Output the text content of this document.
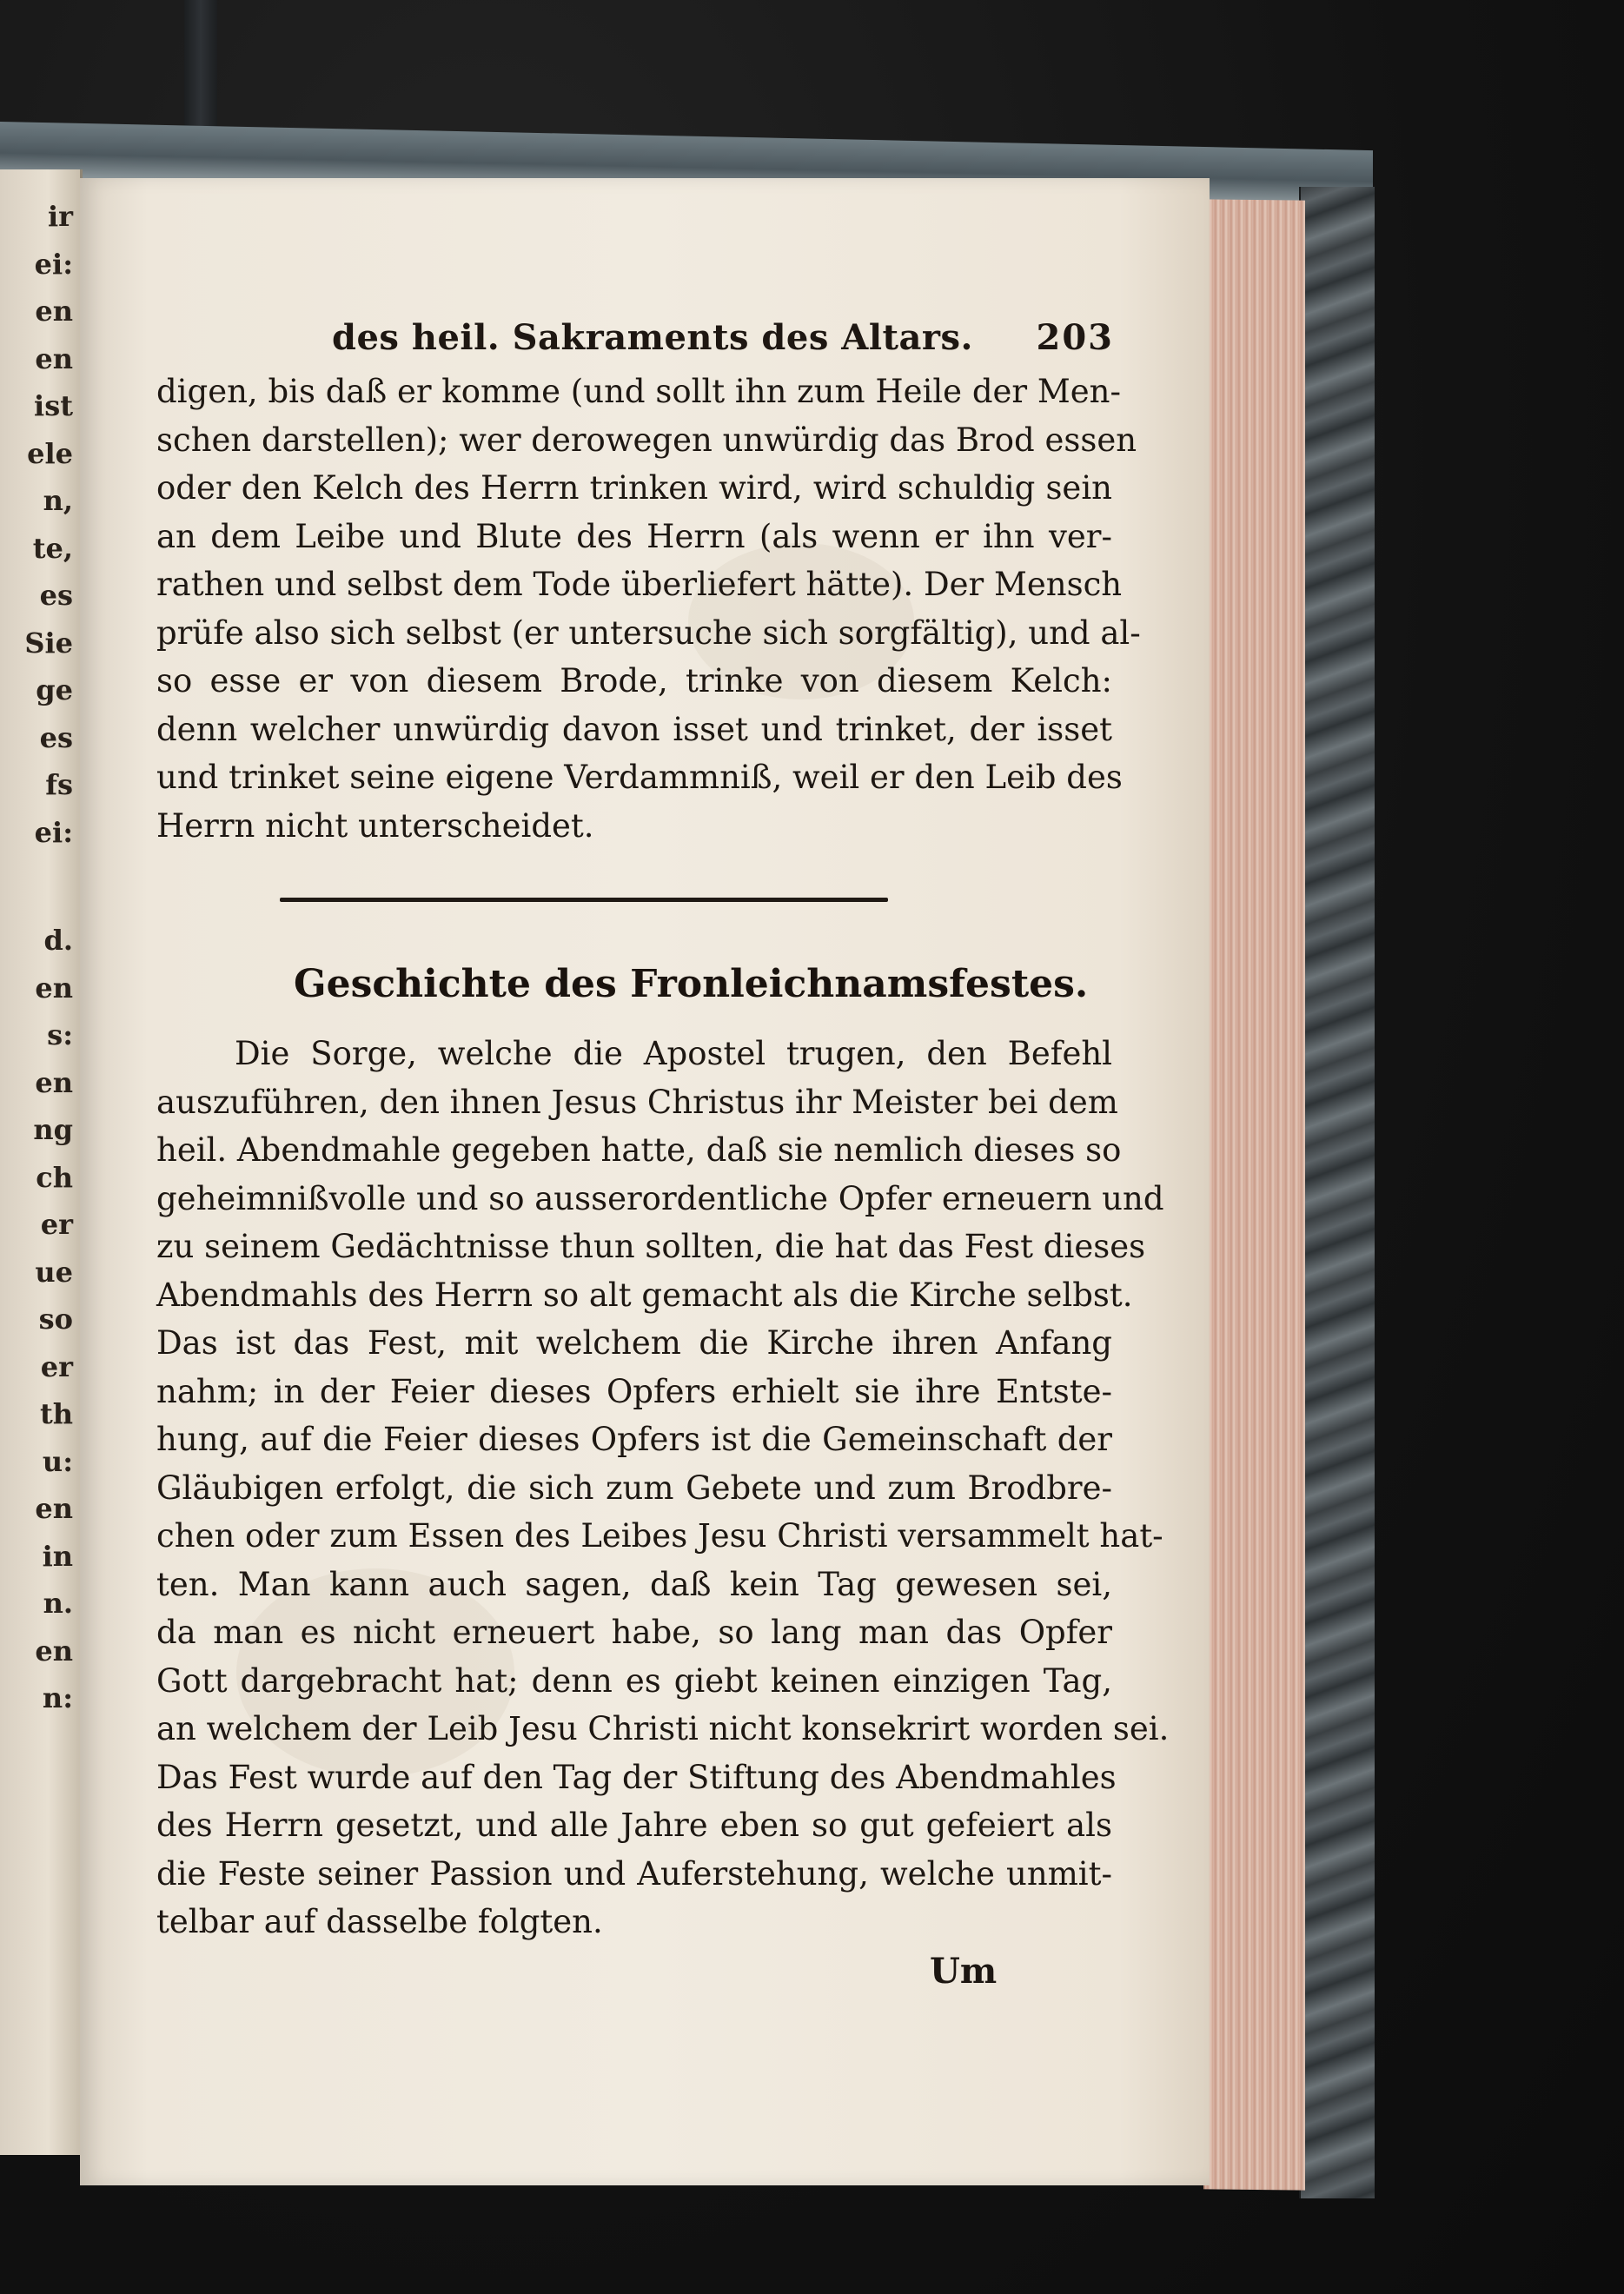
ir
ei:
en
en
ist
ele
n,
te,
es
Sie
ge
es
fs
ei:
d.
en
s:
en
ng
ch
er
ue
so
er
th
u:
en
in
n.
en
n:
des heil. Sakraments des Altars. 203
digen, bis daß er komme (und sollt ihn zum Heile der Men-
schen darstellen); wer derowegen unwürdig das Brod essen
oder den Kelch des Herrn trinken wird, wird schuldig sein
an dem Leibe und Blute des Herrn (als wenn er ihn ver-
rathen und selbst dem Tode überliefert hätte). Der Mensch
prüfe also sich selbst (er untersuche sich sorgfältig), und al-
so esse er von diesem Brode, trinke von diesem Kelch:
denn welcher unwürdig davon isset und trinket, der isset
und trinket seine eigene Verdammniß, weil er den Leib des
Herrn nicht unterscheidet.
Geschichte des Fronleichnamsfestes.
Die Sorge, welche die Apostel trugen, den Befehl
auszuführen, den ihnen Jesus Christus ihr Meister bei dem
heil. Abendmahle gegeben hatte, daß sie nemlich dieses so
geheimnißvolle und so ausserordentliche Opfer erneuern und
zu seinem Gedächtnisse thun sollten, die hat das Fest dieses
Abendmahls des Herrn so alt gemacht als die Kirche selbst.
Das ist das Fest, mit welchem die Kirche ihren Anfang
nahm; in der Feier dieses Opfers erhielt sie ihre Entste-
hung, auf die Feier dieses Opfers ist die Gemeinschaft der
Gläubigen erfolgt, die sich zum Gebete und zum Brodbre-
chen oder zum Essen des Leibes Jesu Christi versammelt hat-
ten. Man kann auch sagen, daß kein Tag gewesen sei,
da man es nicht erneuert habe, so lang man das Opfer
Gott dargebracht hat; denn es giebt keinen einzigen Tag,
an welchem der Leib Jesu Christi nicht konsekrirt worden sei.
Das Fest wurde auf den Tag der Stiftung des Abendmahles
des Herrn gesetzt, und alle Jahre eben so gut gefeiert als
die Feste seiner Passion und Auferstehung, welche unmit-
telbar auf dasselbe folgten.
Um
